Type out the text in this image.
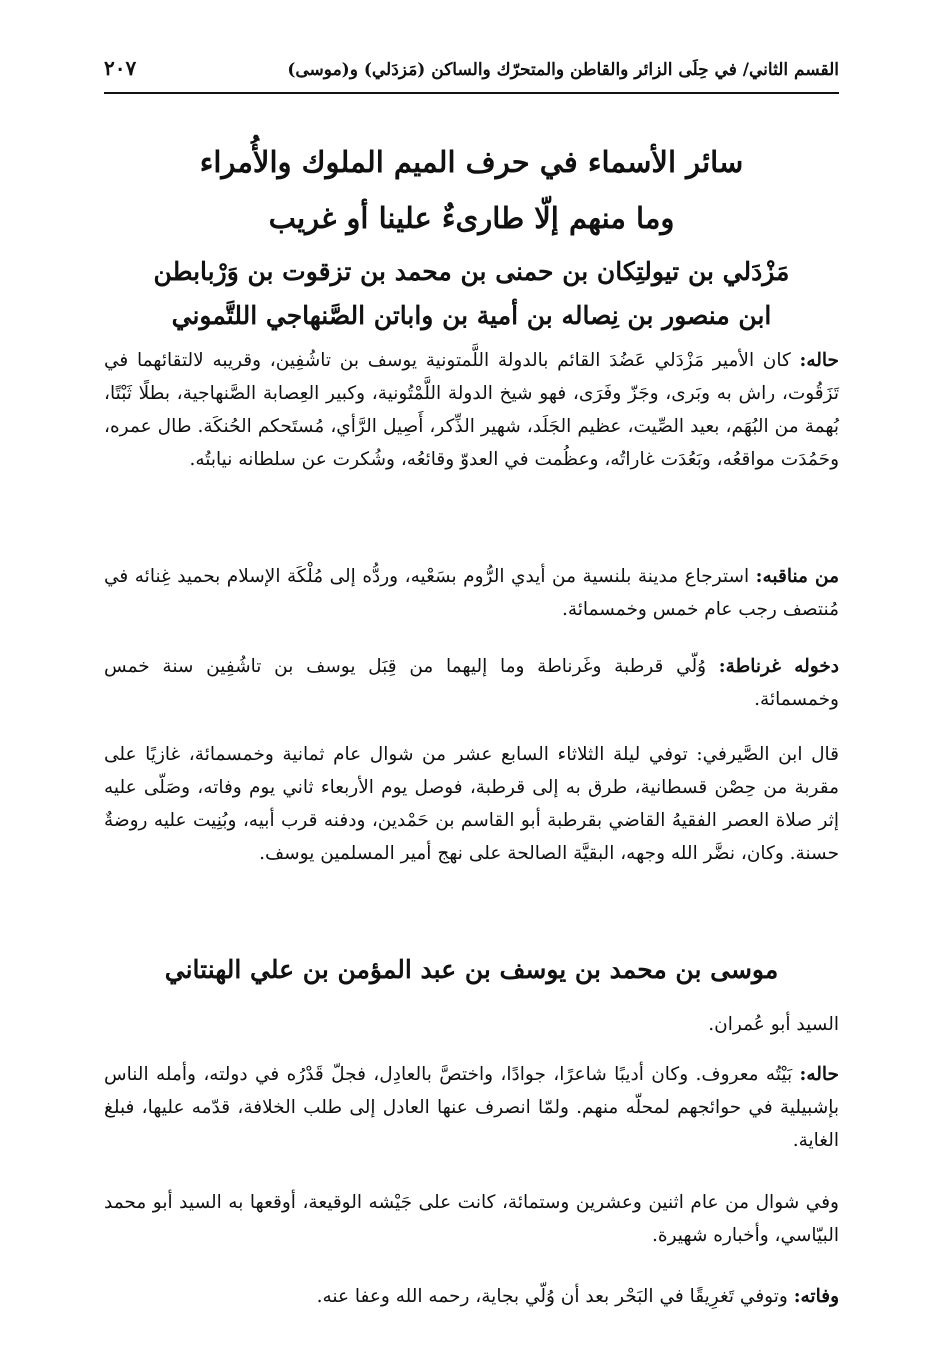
القسم الثاني/ في حِلَى الزائر والقاطن والمتحرّك والساكن (مَزدَلي) و(موسى)
٢٠٧
سائر الأسماء في حرف الميم الملوك والأُمراء
وما منهم إلّا طارىءٌ علينا أو غريب
مَزْدَلي بن تيولتِكان بن حمنى بن محمد بن تزقوت بن وَرْبابطن
ابن منصور بن نِصاله بن أمية بن واباتن الصَّنهاجي اللتَّموني

حاله: كان الأمير مَزْدَلي عَضُدَ القائم بالدولة اللَّمتونية يوسف بن تاشُفِين، وقريبه لالتقائهما في تَزَقُوت، راش به وبَرى، وجَزّ وفَرَى، فهو شيخ الدولة اللَّمْتُونية، وكبير العِصابة الصَّنهاجية، بطلًا ثَبْتًا، بُهمة من البُهَم، بعيد الصِّيت، عظيم الجَلَد، شهير الذِّكر، أَصِيل الرَّأي، مُستَحكم الحُنكَة. طال عمره، وحَمُدَت مواقعُه، وبَعُدَت غاراتُه، وعظُمت في العدوّ وقائعُه، وشُكرت عن سلطانه نيابتُه.

من مناقبه: استرجاع مدينة بلنسية من أيدي الرُّوم بسَعْيه، وردُّه إلى مُلْكَة الإسلام بحميد غِنائه في مُنتصف رجب عام خمس وخمسمائة.

دخوله غرناطة: وُلّي قرطبة وغَرناطة وما إليهما من قِبَل يوسف بن تاشُفِين سنة خمس وخمسمائة.

قال ابن الصَّيرفي: توفي ليلة الثلاثاء السابع عشر من شوال عام ثمانية وخمسمائة، غازيًا على مقربة من حِصْن قسطانية، طرق به إلى قرطبة، فوصل يوم الأربعاء ثاني يوم وفاته، وصَلّى عليه إثر صلاة العصر الفقيهُ القاضي بقرطبة أبو القاسم بن حَمْدين، ودفنه قرب أبيه، وبُنِيت عليه روضةٌ حسنة. وكان، نضَّر الله وجهه، البقيَّة الصالحة على نهج أمير المسلمين يوسف.

موسى بن محمد بن يوسف بن عبد المؤمن بن علي الهنتاني

السيد أبو عُمران.

حاله: بَيْتُه معروف. وكان أديبًا شاعرًا، جوادًا، واختصَّ بالعادِل، فجلّ قَدْرُه في دولته، وأمله الناس بإشبيلية في حوائجهم لمحلّه منهم. ولمّا انصرف عنها العادل إلى طلب الخلافة، قدّمه عليها، فبلغ الغاية.

وفي شوال من عام اثنين وعشرين وستمائة، كانت على جَيْشه الوقيعة، أوقعها به السيد أبو محمد البيّاسي، وأخباره شهيرة.

وفاته: وتوفي تَغرِيقًا في البَحْر بعد أن وُلّي بجاية، رحمه الله وعفا عنه.
